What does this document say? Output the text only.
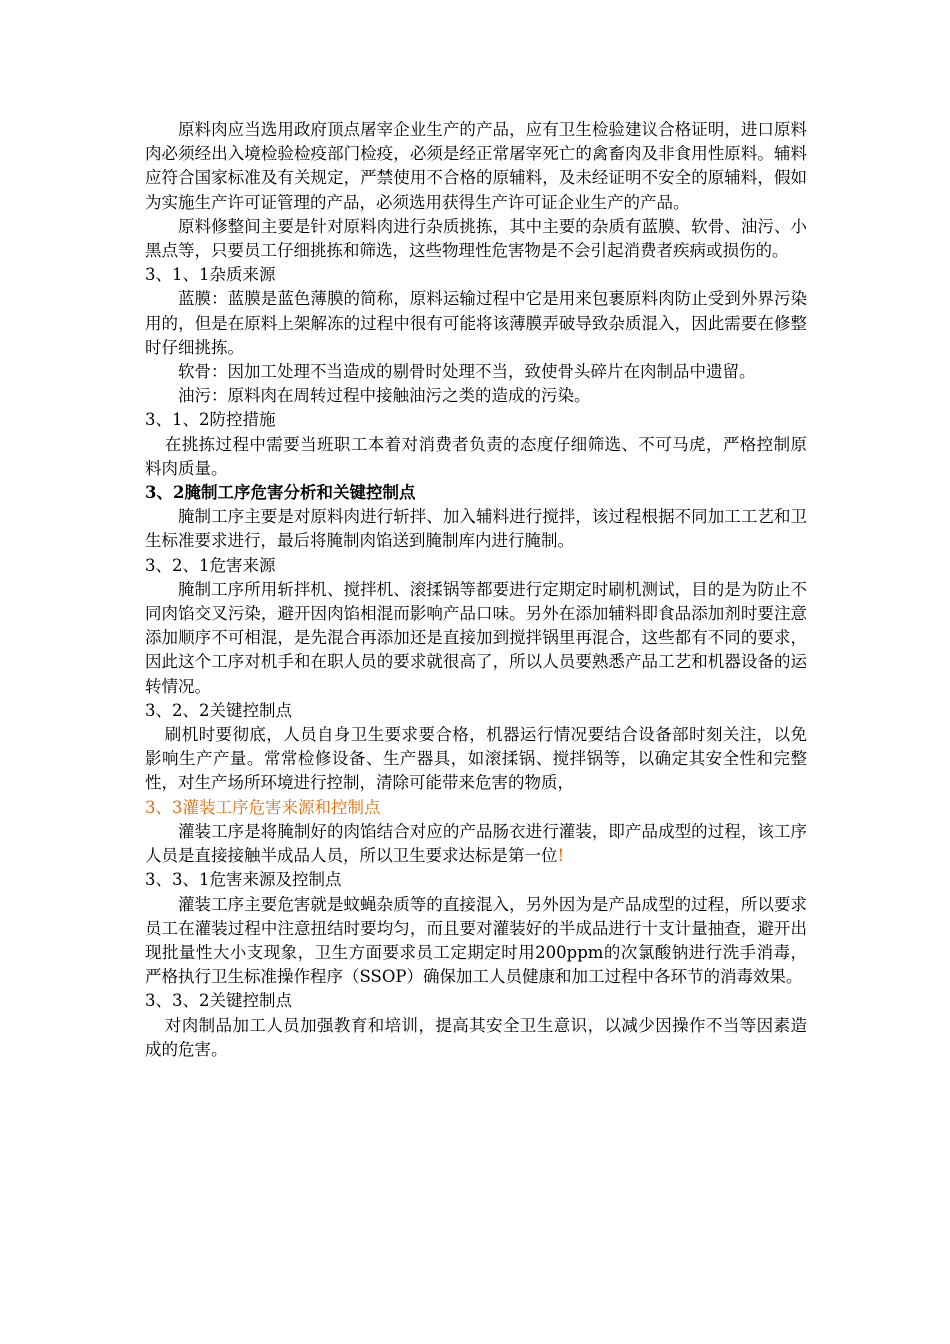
原料肉应当选用政府顶点屠宰企业生产的产品，应有卫生检验建议合格证明，进口原料肉必须经出入境检验检疫部门检疫，必须是经正常屠宰死亡的禽畜肉及非食用性原料。辅料应符合国家标准及有关规定，严禁使用不合格的原辅料，及未经证明不安全的原辅料，假如为实施生产许可证管理的产品，必须选用获得生产许可证企业生产的产品。

原料修整间主要是针对原料肉进行杂质挑拣，其中主要的杂质有蓝膜、软骨、油污、小黑点等，只要员工仔细挑拣和筛选，这些物理性危害物是不会引起消费者疾病或损伤的。

3、1、1杂质来源

蓝膜：蓝膜是蓝色薄膜的简称，原料运输过程中它是用来包裹原料肉防止受到外界污染用的，但是在原料上架解冻的过程中很有可能将该薄膜弄破导致杂质混入，因此需要在修整时仔细挑拣。

软骨：因加工处理不当造成的剔骨时处理不当，致使骨头碎片在肉制品中遗留。

油污：原料肉在周转过程中接触油污之类的造成的污染。

3、1、2防控措施

在挑拣过程中需要当班职工本着对消费者负责的态度仔细筛选、不可马虎，严格控制原料肉质量。

3、2腌制工序危害分析和关键控制点

腌制工序主要是对原料肉进行斩拌、加入辅料进行搅拌，该过程根据不同加工工艺和卫生标准要求进行，最后将腌制肉馅送到腌制库内进行腌制。

3、2、1危害来源

腌制工序所用斩拌机、搅拌机、滚揉锅等都要进行定期定时刷机测试，目的是为防止不同肉馅交叉污染，避开因肉馅相混而影响产品口味。另外在添加辅料即食品添加剂时要注意添加顺序不可相混，是先混合再添加还是直接加到搅拌锅里再混合，这些都有不同的要求，因此这个工序对机手和在职人员的要求就很高了，所以人员要熟悉产品工艺和机器设备的运转情况。

3、2、2关键控制点

刷机时要彻底，人员自身卫生要求要合格，机器运行情况要结合设备部时刻关注，以免影响生产产量。常常检修设备、生产器具，如滚揉锅、搅拌锅等，以确定其安全性和完整性，对生产场所环境进行控制，清除可能带来危害的物质，

3、3灌装工序危害来源和控制点

灌装工序是将腌制好的肉馅结合对应的产品肠衣进行灌装，即产品成型的过程，该工序人员是直接接触半成品人员，所以卫生要求达标是第一位!

3、3、1危害来源及控制点

灌装工序主要危害就是蚊蝇杂质等的直接混入，另外因为是产品成型的过程，所以要求员工在灌装过程中注意扭结时要均匀，而且要对灌装好的半成品进行十支计量抽查，避开出现批量性大小支现象，卫生方面要求员工定期定时用200ppm的次氯酸钠进行洗手消毒，严格执行卫生标准操作程序（SSOP）确保加工人员健康和加工过程中各环节的消毒效果。

3、3、2关键控制点

对肉制品加工人员加强教育和培训，提高其安全卫生意识，以减少因操作不当等因素造成的危害。
